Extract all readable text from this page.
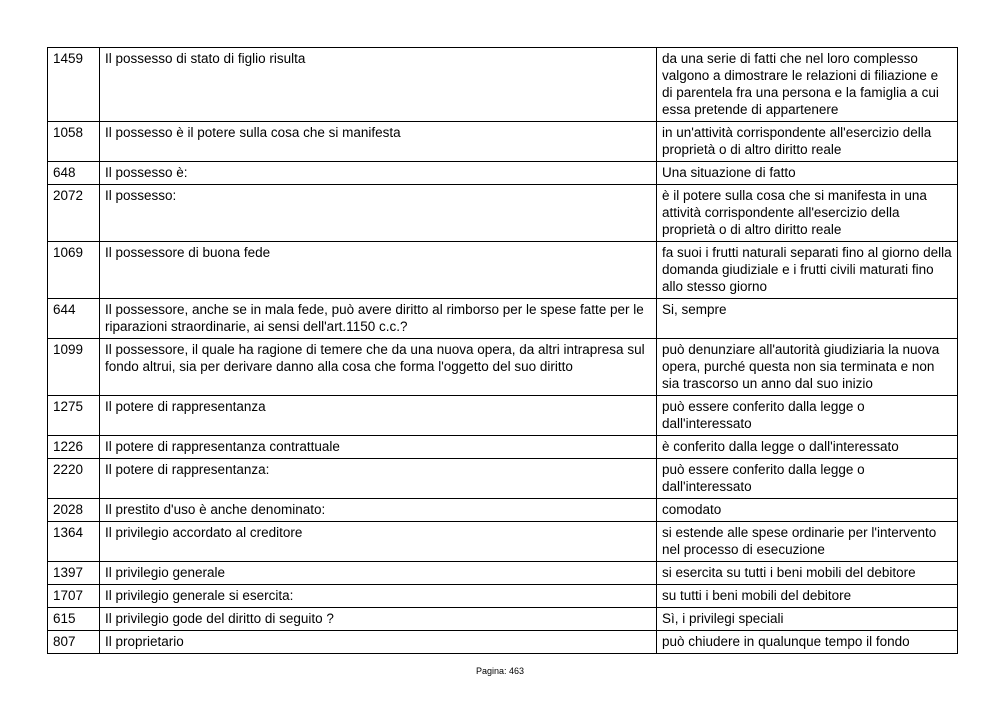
1459	Il possesso di stato di figlio risulta	da una serie di fatti che nel loro complesso valgono a dimostrare le relazioni di filiazione e di parentela fra una persona e la famiglia a cui essa pretende di appartenere
1058	Il possesso è il potere sulla cosa che si manifesta	in un'attività corrispondente all'esercizio della proprietà o di altro diritto reale
648	Il possesso è:	Una situazione di fatto
2072	Il possesso:	è il potere sulla cosa che si manifesta in una attività corrispondente all'esercizio della proprietà o di altro diritto reale
1069	Il possessore di buona fede	fa suoi i frutti naturali separati fino al giorno della domanda giudiziale e i frutti civili maturati fino allo stesso giorno
644	Il possessore, anche se in mala fede, può avere diritto al rimborso per le spese fatte per le riparazioni straordinarie, ai sensi dell'art.1150 c.c.?	Si, sempre
1099	Il possessore, il quale ha ragione di temere che da una nuova opera, da altri intrapresa sul fondo altrui, sia per derivare danno alla cosa che forma l'oggetto del suo diritto	può denunziare all'autorità giudiziaria la nuova opera, purché questa non sia terminata e non sia trascorso un anno dal suo inizio
1275	Il potere di rappresentanza	può essere conferito dalla legge o dall'interessato
1226	Il potere di rappresentanza contrattuale	è conferito dalla legge o dall'interessato
2220	Il potere di rappresentanza:	può essere conferito dalla legge o dall'interessato
2028	Il prestito d'uso è anche denominato:	comodato
1364	Il privilegio accordato al creditore	si estende alle spese ordinarie per l'intervento nel processo di esecuzione
1397	Il privilegio generale	si esercita su tutti i beni mobili del debitore
1707	Il privilegio generale si esercita:	su tutti i beni mobili del debitore
615	Il privilegio gode del diritto di seguito ?	Sì, i privilegi speciali
807	Il proprietario	può chiudere in qualunque tempo il fondo
Pagina: 463
